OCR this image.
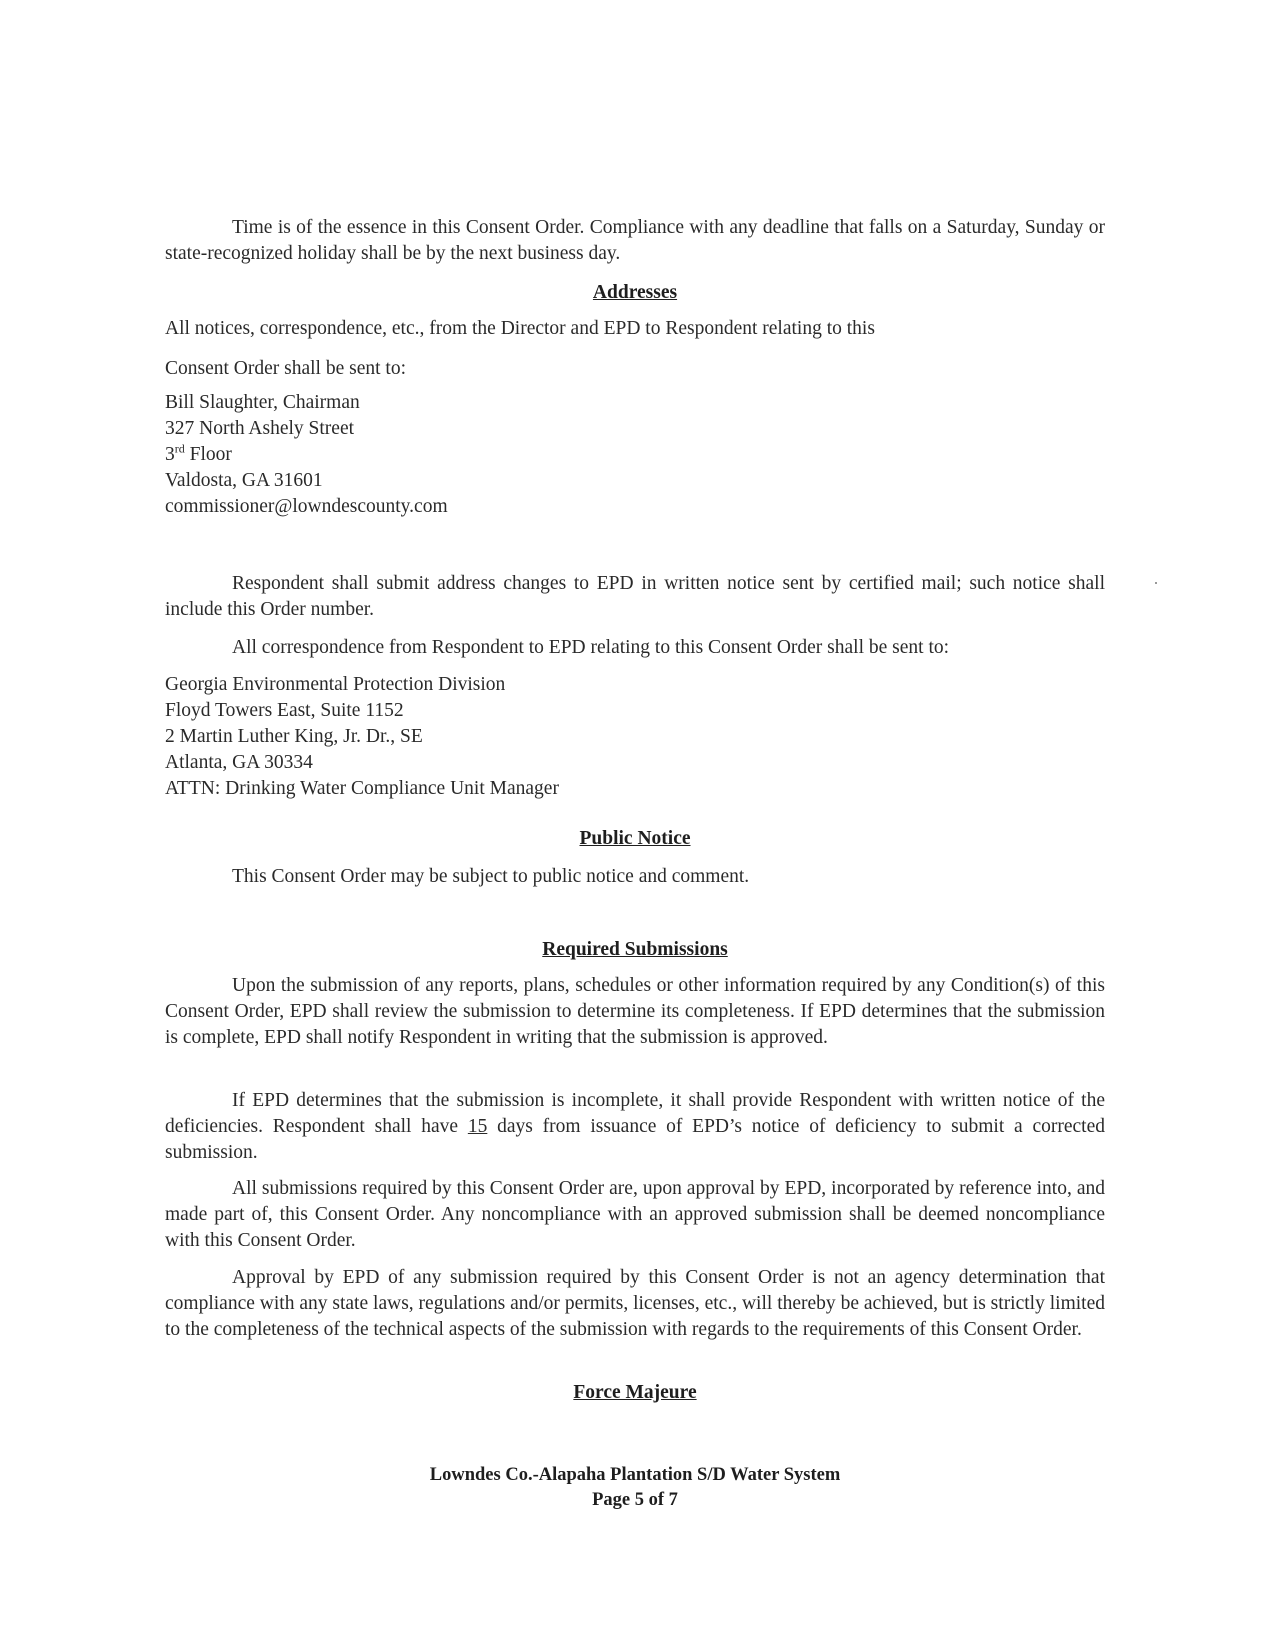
Time is of the essence in this Consent Order. Compliance with any deadline that falls on a Saturday, Sunday or state-recognized holiday shall be by the next business day.
Addresses
All notices, correspondence, etc., from the Director and EPD to Respondent relating to this
Consent Order shall be sent to:
Bill Slaughter, Chairman
327 North Ashely Street
3rd Floor
Valdosta, GA 31601
commissioner@lowndescounty.com
Respondent shall submit address changes to EPD in written notice sent by certified mail; such notice shall include this Order number.
All correspondence from Respondent to EPD relating to this Consent Order shall be sent to:
Georgia Environmental Protection Division
Floyd Towers East, Suite 1152
2 Martin Luther King, Jr. Dr., SE
Atlanta, GA 30334
ATTN: Drinking Water Compliance Unit Manager
Public Notice
This Consent Order may be subject to public notice and comment.
Required Submissions
Upon the submission of any reports, plans, schedules or other information required by any Condition(s) of this Consent Order, EPD shall review the submission to determine its completeness. If EPD determines that the submission is complete, EPD shall notify Respondent in writing that the submission is approved.
If EPD determines that the submission is incomplete, it shall provide Respondent with written notice of the deficiencies. Respondent shall have 15 days from issuance of EPD’s notice of deficiency to submit a corrected submission.
All submissions required by this Consent Order are, upon approval by EPD, incorporated by reference into, and made part of, this Consent Order. Any noncompliance with an approved submission shall be deemed noncompliance with this Consent Order.
Approval by EPD of any submission required by this Consent Order is not an agency determination that compliance with any state laws, regulations and/or permits, licenses, etc., will thereby be achieved, but is strictly limited to the completeness of the technical aspects of the submission with regards to the requirements of this Consent Order.
Force Majeure
Lowndes Co.-Alapaha Plantation S/D Water System
Page 5 of 7
